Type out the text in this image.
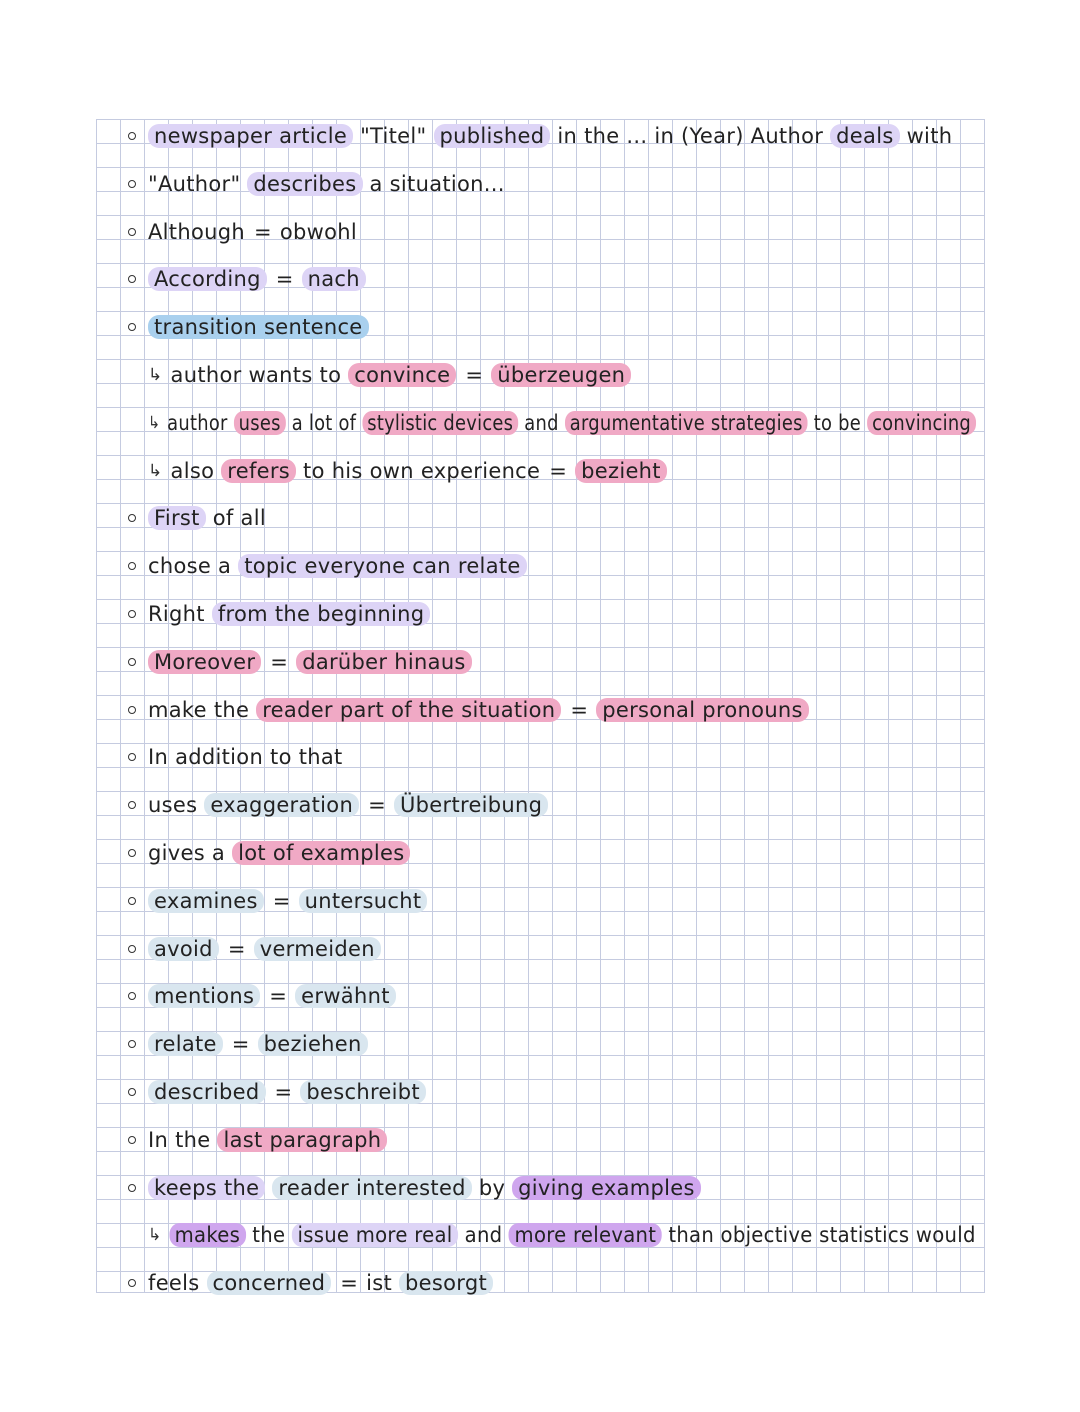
newspaper article "Titel" published in the ... in (Year) Author deals with
"Author" describes a situation...
Although = obwohl
According = nach
transition sentence
↳ author wants to convince = überzeugen
↳ author uses a lot of stylistic devices and argumentative strategies to be convincing
↳ also refers to his own experience = bezieht
First of all
chose a topic everyone can relate
Right from the beginning
Moreover = darüber hinaus
make the reader part of the situation = personal pronouns
In addition to that
uses exaggeration = Übertreibung
gives a lot of examples
examines = untersucht
avoid = vermeiden
mentions = erwähnt
relate = beziehen
described = beschreibt
In the last paragraph
keeps the reader interested by giving examples
↳ makes the issue more real and more relevant than objective statistics would
feels concerned = ist besorgt
